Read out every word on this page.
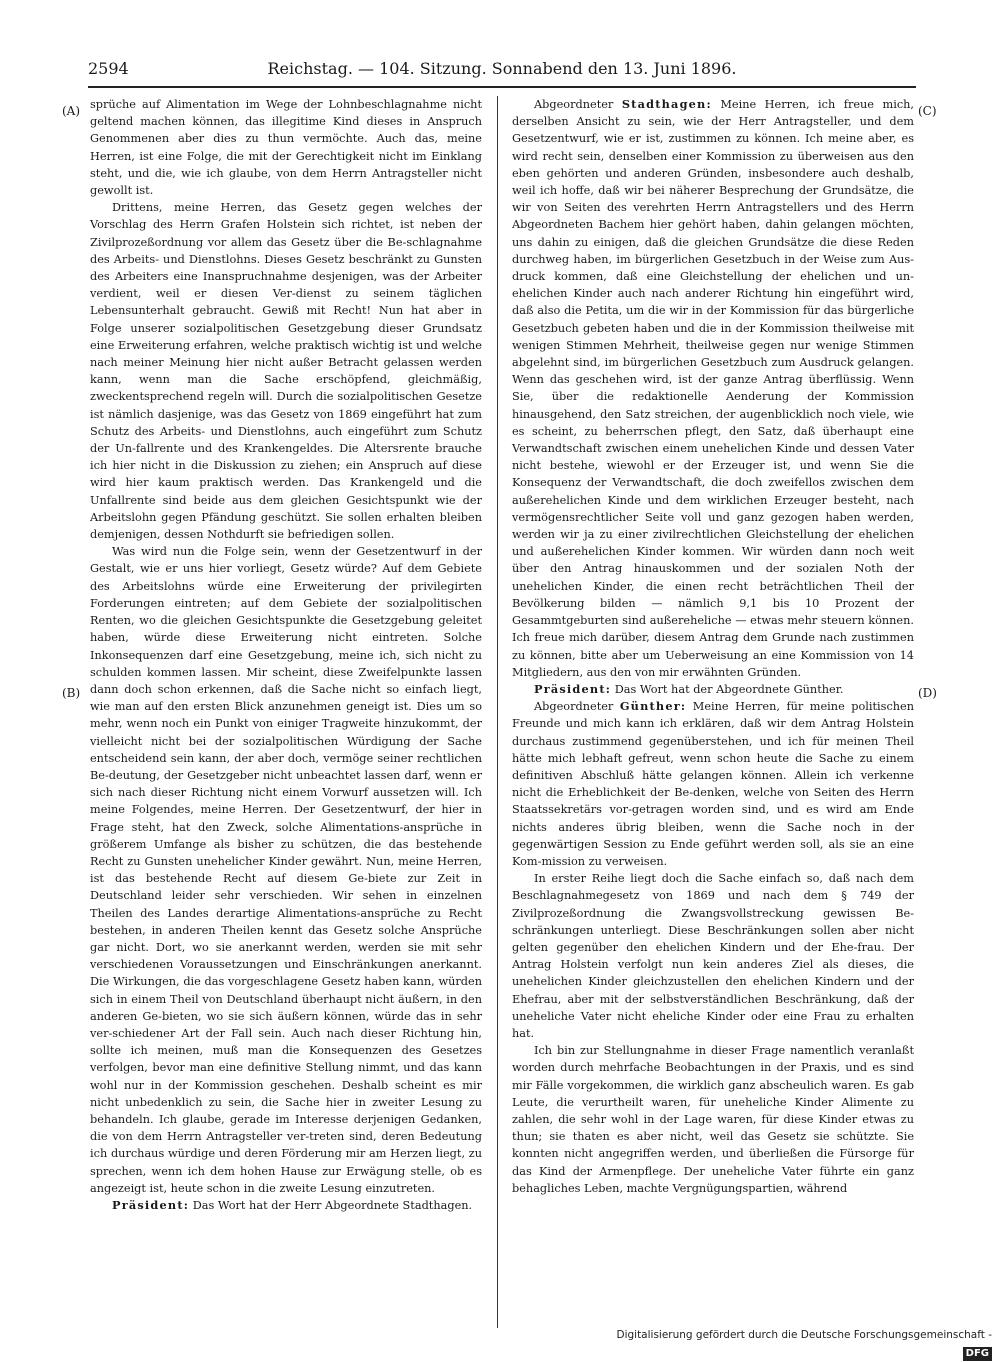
2594	Reichstag. — 104. Sitzung. Sonnabend den 13. Juni 1896.
(A)
(B)
(C)
(D)

sprüche auf Alimentation im Wege der Lohnbeschlagnahme nicht geltend machen können, das illegitime Kind dieses in Anspruch Genommenen aber dies zu thun vermöchte. Auch das, meine Herren, ist eine Folge, die mit der Gerechtigkeit nicht im Einklang steht, und die, wie ich glaube, von dem Herrn Antragsteller nicht gewollt ist.

Drittens, meine Herren, das Gesetz gegen welches der Vorschlag des Herrn Grafen Holstein sich richtet, ist neben der Zivilprozeßordnung vor allem das Gesetz über die Be-schlagnahme des Arbeits- und Dienstlohns. Dieses Gesetz beschränkt zu Gunsten des Arbeiters eine Inanspruchnahme desjenigen, was der Arbeiter verdient, weil er diesen Ver-dienst zu seinem täglichen Lebensunterhalt gebraucht. Gewiß mit Recht! Nun hat aber in Folge unserer sozialpolitischen Gesetzgebung dieser Grundsatz eine Erweiterung erfahren, welche praktisch wichtig ist und welche nach meiner Meinung hier nicht außer Betracht gelassen werden kann, wenn man die Sache erschöpfend, gleichmäßig, zweckentsprechend regeln will. Durch die sozialpolitischen Gesetze ist nämlich dasjenige, was das Gesetz von 1869 eingeführt hat zum Schutz des Arbeits- und Dienstlohns, auch eingeführt zum Schutz der Un-fallrente und des Krankengeldes. Die Altersrente brauche ich hier nicht in die Diskussion zu ziehen; ein Anspruch auf diese wird hier kaum praktisch werden. Das Krankengeld und die Unfallrente sind beide aus dem gleichen Gesichtspunkt wie der Arbeitslohn gegen Pfändung geschützt. Sie sollen erhalten bleiben demjenigen, dessen Nothdurft sie befriedigen sollen.

Was wird nun die Folge sein, wenn der Gesetzentwurf in der Gestalt, wie er uns hier vorliegt, Gesetz würde? Auf dem Gebiete des Arbeitslohns würde eine Erweiterung der privilegirten Forderungen eintreten; auf dem Gebiete der sozialpolitischen Renten, wo die gleichen Gesichtspunkte die Gesetzgebung geleitet haben, würde diese Erweiterung nicht eintreten. Solche Inkonsequenzen darf eine Gesetzgebung, meine ich, sich nicht zu schulden kommen lassen. Mir scheint, diese Zweifelpunkte lassen dann doch schon erkennen, daß die Sache nicht so einfach liegt, wie man auf den ersten Blick anzunehmen geneigt ist. Dies um so mehr, wenn noch ein Punkt von einiger Tragweite hinzukommt, der vielleicht nicht bei der sozialpolitischen Würdigung der Sache entscheidend sein kann, der aber doch, vermöge seiner rechtlichen Be-deutung, der Gesetzgeber nicht unbeachtet lassen darf, wenn er sich nach dieser Richtung nicht einem Vorwurf aussetzen will. Ich meine Folgendes, meine Herren. Der Gesetzentwurf, der hier in Frage steht, hat den Zweck, solche Alimentations-ansprüche in größerem Umfange als bisher zu schützen, die das bestehende Recht zu Gunsten unehelicher Kinder gewährt. Nun, meine Herren, ist das bestehende Recht auf diesem Ge-biete zur Zeit in Deutschland leider sehr verschieden. Wir sehen in einzelnen Theilen des Landes derartige Alimentations-ansprüche zu Recht bestehen, in anderen Theilen kennt das Gesetz solche Ansprüche gar nicht. Dort, wo sie anerkannt werden, werden sie mit sehr verschiedenen Voraussetzungen und Einschränkungen anerkannt. Die Wirkungen, die das vorgeschlagene Gesetz haben kann, würden sich in einem Theil von Deutschland überhaupt nicht äußern, in den anderen Ge-bieten, wo sie sich äußern können, würde das in sehr ver-schiedener Art der Fall sein. Auch nach dieser Richtung hin, sollte ich meinen, muß man die Konsequenzen des Gesetzes verfolgen, bevor man eine definitive Stellung nimmt, und das kann wohl nur in der Kommission geschehen. Deshalb scheint es mir nicht unbedenklich zu sein, die Sache hier in zweiter Lesung zu behandeln. Ich glaube, gerade im Interesse derjenigen Gedanken, die von dem Herrn Antragsteller ver-treten sind, deren Bedeutung ich durchaus würdige und deren Förderung mir am Herzen liegt, zu sprechen, wenn ich dem hohen Hause zur Erwägung stelle, ob es angezeigt ist, heute schon in die zweite Lesung einzutreten.

Präsident: Das Wort hat der Herr Abgeordnete Stadthagen.

Abgeordneter Stadthagen: Meine Herren, ich freue mich, derselben Ansicht zu sein, wie der Herr Antragsteller, und dem Gesetzentwurf, wie er ist, zustimmen zu können. Ich meine aber, es wird recht sein, denselben einer Kommission zu überweisen aus den eben gehörten und anderen Gründen, insbesondere auch deshalb, weil ich hoffe, daß wir bei näherer Besprechung der Grundsätze, die wir von Seiten des verehrten Herrn Antragstellers und des Herrn Abgeordneten Bachem hier gehört haben, dahin gelangen möchten, uns dahin zu einigen, daß die gleichen Grundsätze die diese Reden durchweg haben, im bürgerlichen Gesetzbuch in der Weise zum Aus-druck kommen, daß eine Gleichstellung der ehelichen und un-ehelichen Kinder auch nach anderer Richtung hin eingeführt wird, daß also die Petita, um die wir in der Kommission für das bürgerliche Gesetzbuch gebeten haben und die in der Kommission theilweise mit wenigen Stimmen Mehrheit, theilweise gegen nur wenige Stimmen abgelehnt sind, im bürgerlichen Gesetzbuch zum Ausdruck gelangen. Wenn das geschehen wird, ist der ganze Antrag überflüssig. Wenn Sie, über die redaktionelle Aenderung der Kommission hinausgehend, den Satz streichen, der augenblicklich noch viele, wie es scheint, zu beherrschen pflegt, den Satz, daß überhaupt eine Verwandtschaft zwischen einem unehelichen Kinde und dessen Vater nicht bestehe, wiewohl er der Erzeuger ist, und wenn Sie die Konsequenz der Verwandtschaft, die doch zweifellos zwischen dem außerehelichen Kinde und dem wirklichen Erzeuger besteht, nach vermögensrechtlicher Seite voll und ganz gezogen haben werden, werden wir ja zu einer zivilrechtlichen Gleichstellung der ehelichen und außerehelichen Kinder kommen. Wir würden dann noch weit über den Antrag hinauskommen und der sozialen Noth der unehelichen Kinder, die einen recht beträchtlichen Theil der Bevölkerung bilden — nämlich 9,1 bis 10 Prozent der Gesammtgeburten sind außereheliche — etwas mehr steuern können. Ich freue mich darüber, diesem Antrag dem Grunde nach zustimmen zu können, bitte aber um Ueberweisung an eine Kommission von 14 Mitgliedern, aus den von mir erwähnten Gründen.

Präsident: Das Wort hat der Abgeordnete Günther.

Abgeordneter Günther: Meine Herren, für meine politischen Freunde und mich kann ich erklären, daß wir dem Antrag Holstein durchaus zustimmend gegenüberstehen, und ich für meinen Theil hätte mich lebhaft gefreut, wenn schon heute die Sache zu einem definitiven Abschluß hätte gelangen können. Allein ich verkenne nicht die Erheblichkeit der Be-denken, welche von Seiten des Herrn Staatssekretärs vor-getragen worden sind, und es wird am Ende nichts anderes übrig bleiben, wenn die Sache noch in der gegenwärtigen Session zu Ende geführt werden soll, als sie an eine Kom-mission zu verweisen.

In erster Reihe liegt doch die Sache einfach so, daß nach dem Beschlagnahmegesetz von 1869 und nach dem § 749 der Zivilprozeßordnung die Zwangsvollstreckung gewissen Be-schränkungen unterliegt. Diese Beschränkungen sollen aber nicht gelten gegenüber den ehelichen Kindern und der Ehe-frau. Der Antrag Holstein verfolgt nun kein anderes Ziel als dieses, die unehelichen Kinder gleichzustellen den ehelichen Kindern und der Ehefrau, aber mit der selbstverständlichen Beschränkung, daß der uneheliche Vater nicht eheliche Kinder oder eine Frau zu erhalten hat.

Ich bin zur Stellungnahme in dieser Frage namentlich veranlaßt worden durch mehrfache Beobachtungen in der Praxis, und es sind mir Fälle vorgekommen, die wirklich ganz abscheulich waren. Es gab Leute, die verurtheilt waren, für uneheliche Kinder Alimente zu zahlen, die sehr wohl in der Lage waren, für diese Kinder etwas zu thun; sie thaten es aber nicht, weil das Gesetz sie schützte. Sie konnten nicht angegriffen werden, und überließen die Fürsorge für das Kind der Armenpflege. Der uneheliche Vater führte ein ganz behagliches Leben, machte Vergnügungspartien, während

Digitalisierung gefördert durch die Deutsche Forschungsgemeinschaft -DFG
